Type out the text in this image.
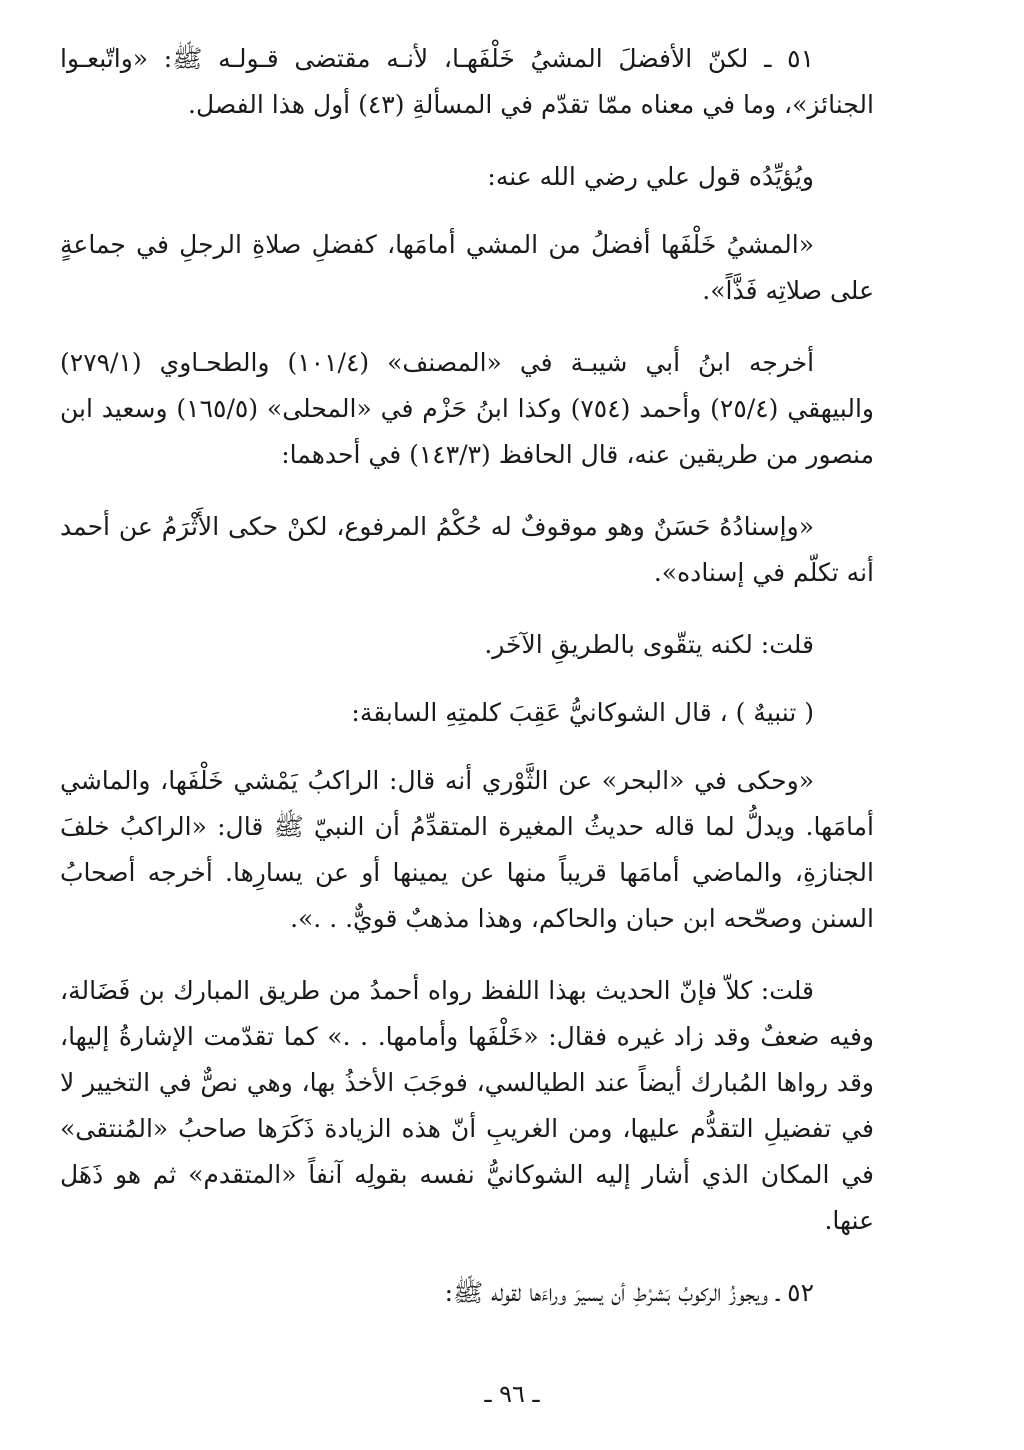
٥١ ـ لكنّ الأفضلَ المشيُ خَلْفَهـا، لأنـه مقتضى قـولـه ﷺ: «واتّبعـوا الجنائز»، وما في معناه ممّا تقدّم في المسألةِ (٤٣) أول هذا الفصل.

ويُؤيِّدُه قول علي رضي الله عنه:

«المشيُ خَلْفَها أفضلُ من المشي أمامَها، كفضلِ صلاةِ الرجلِ في جماعةٍ على صلاتِه فَذَّاً».

أخرجه ابنُ أبي شيبـة في «المصنف» (١٠١/٤) والطحـاوي (٢٧٩/١) والبيهقي (٢٥/٤) وأحمد (٧٥٤) وكذا ابنُ حَزْم في «المحلى» (١٦٥/٥) وسعيد ابن منصور من طريقين عنه، قال الحافظ (١٤٣/٣) في أحدهما:

«وإسنادُهُ حَسَنٌ وهو موقوفٌ له حُكْمُ المرفوع، لكنْ حكى الأَثْرَمُ عن أحمد أنه تكلّم في إسناده».

قلت: لكنه يتقّوى بالطريقِ الآخَر.

( تنبيهٌ ) ، قال الشوكانيُّ عَقِبَ كلمتِهِ السابقة:

«وحكى في «البحر» عن الثَّوْري أنه قال: الراكبُ يَمْشي خَلْفَها، والماشي أمامَها. ويدلُّ لما قاله حديثُ المغيرة المتقدِّمُ أن النبيّ ﷺ قال: «الراكبُ خلفَ الجنازةِ، والماضي أمامَها قريباً منها عن يمينها أو عن يسارِها. أخرجه أصحابُ السنن وصحّحه ابن حبان والحاكم، وهذا مذهبٌ قويٌّ. . .».

قلت: كلاّ فإنّ الحديث بهذا اللفظ رواه أحمدُ من طريق المبارك بن فَضَالة، وفيه ضعفٌ وقد زاد غيره فقال: «خَلْفَها وأمامها. . .» كما تقدّمت الإشارةُ إليها، وقد رواها المُبارك أيضاً عند الطيالسي، فوجَبَ الأخذُ بها، وهي نصٌّ في التخيير لا في تفضيلِ التقدُّم عليها، ومن الغريبِ أنّ هذه الزيادة ذَكَرَها صاحبُ «المُنتقى» في المكان الذي أشار إليه الشوكانيُّ نفسه بقولِه آنفاً «المتقدم» ثم هو ذَهَل عنها.

٥٢ ـ ويجوزُ الركوبُ بَشرْطِ أن يسيرَ وراءَها لقوله ﷺ:

ـ ٩٦ ـ
